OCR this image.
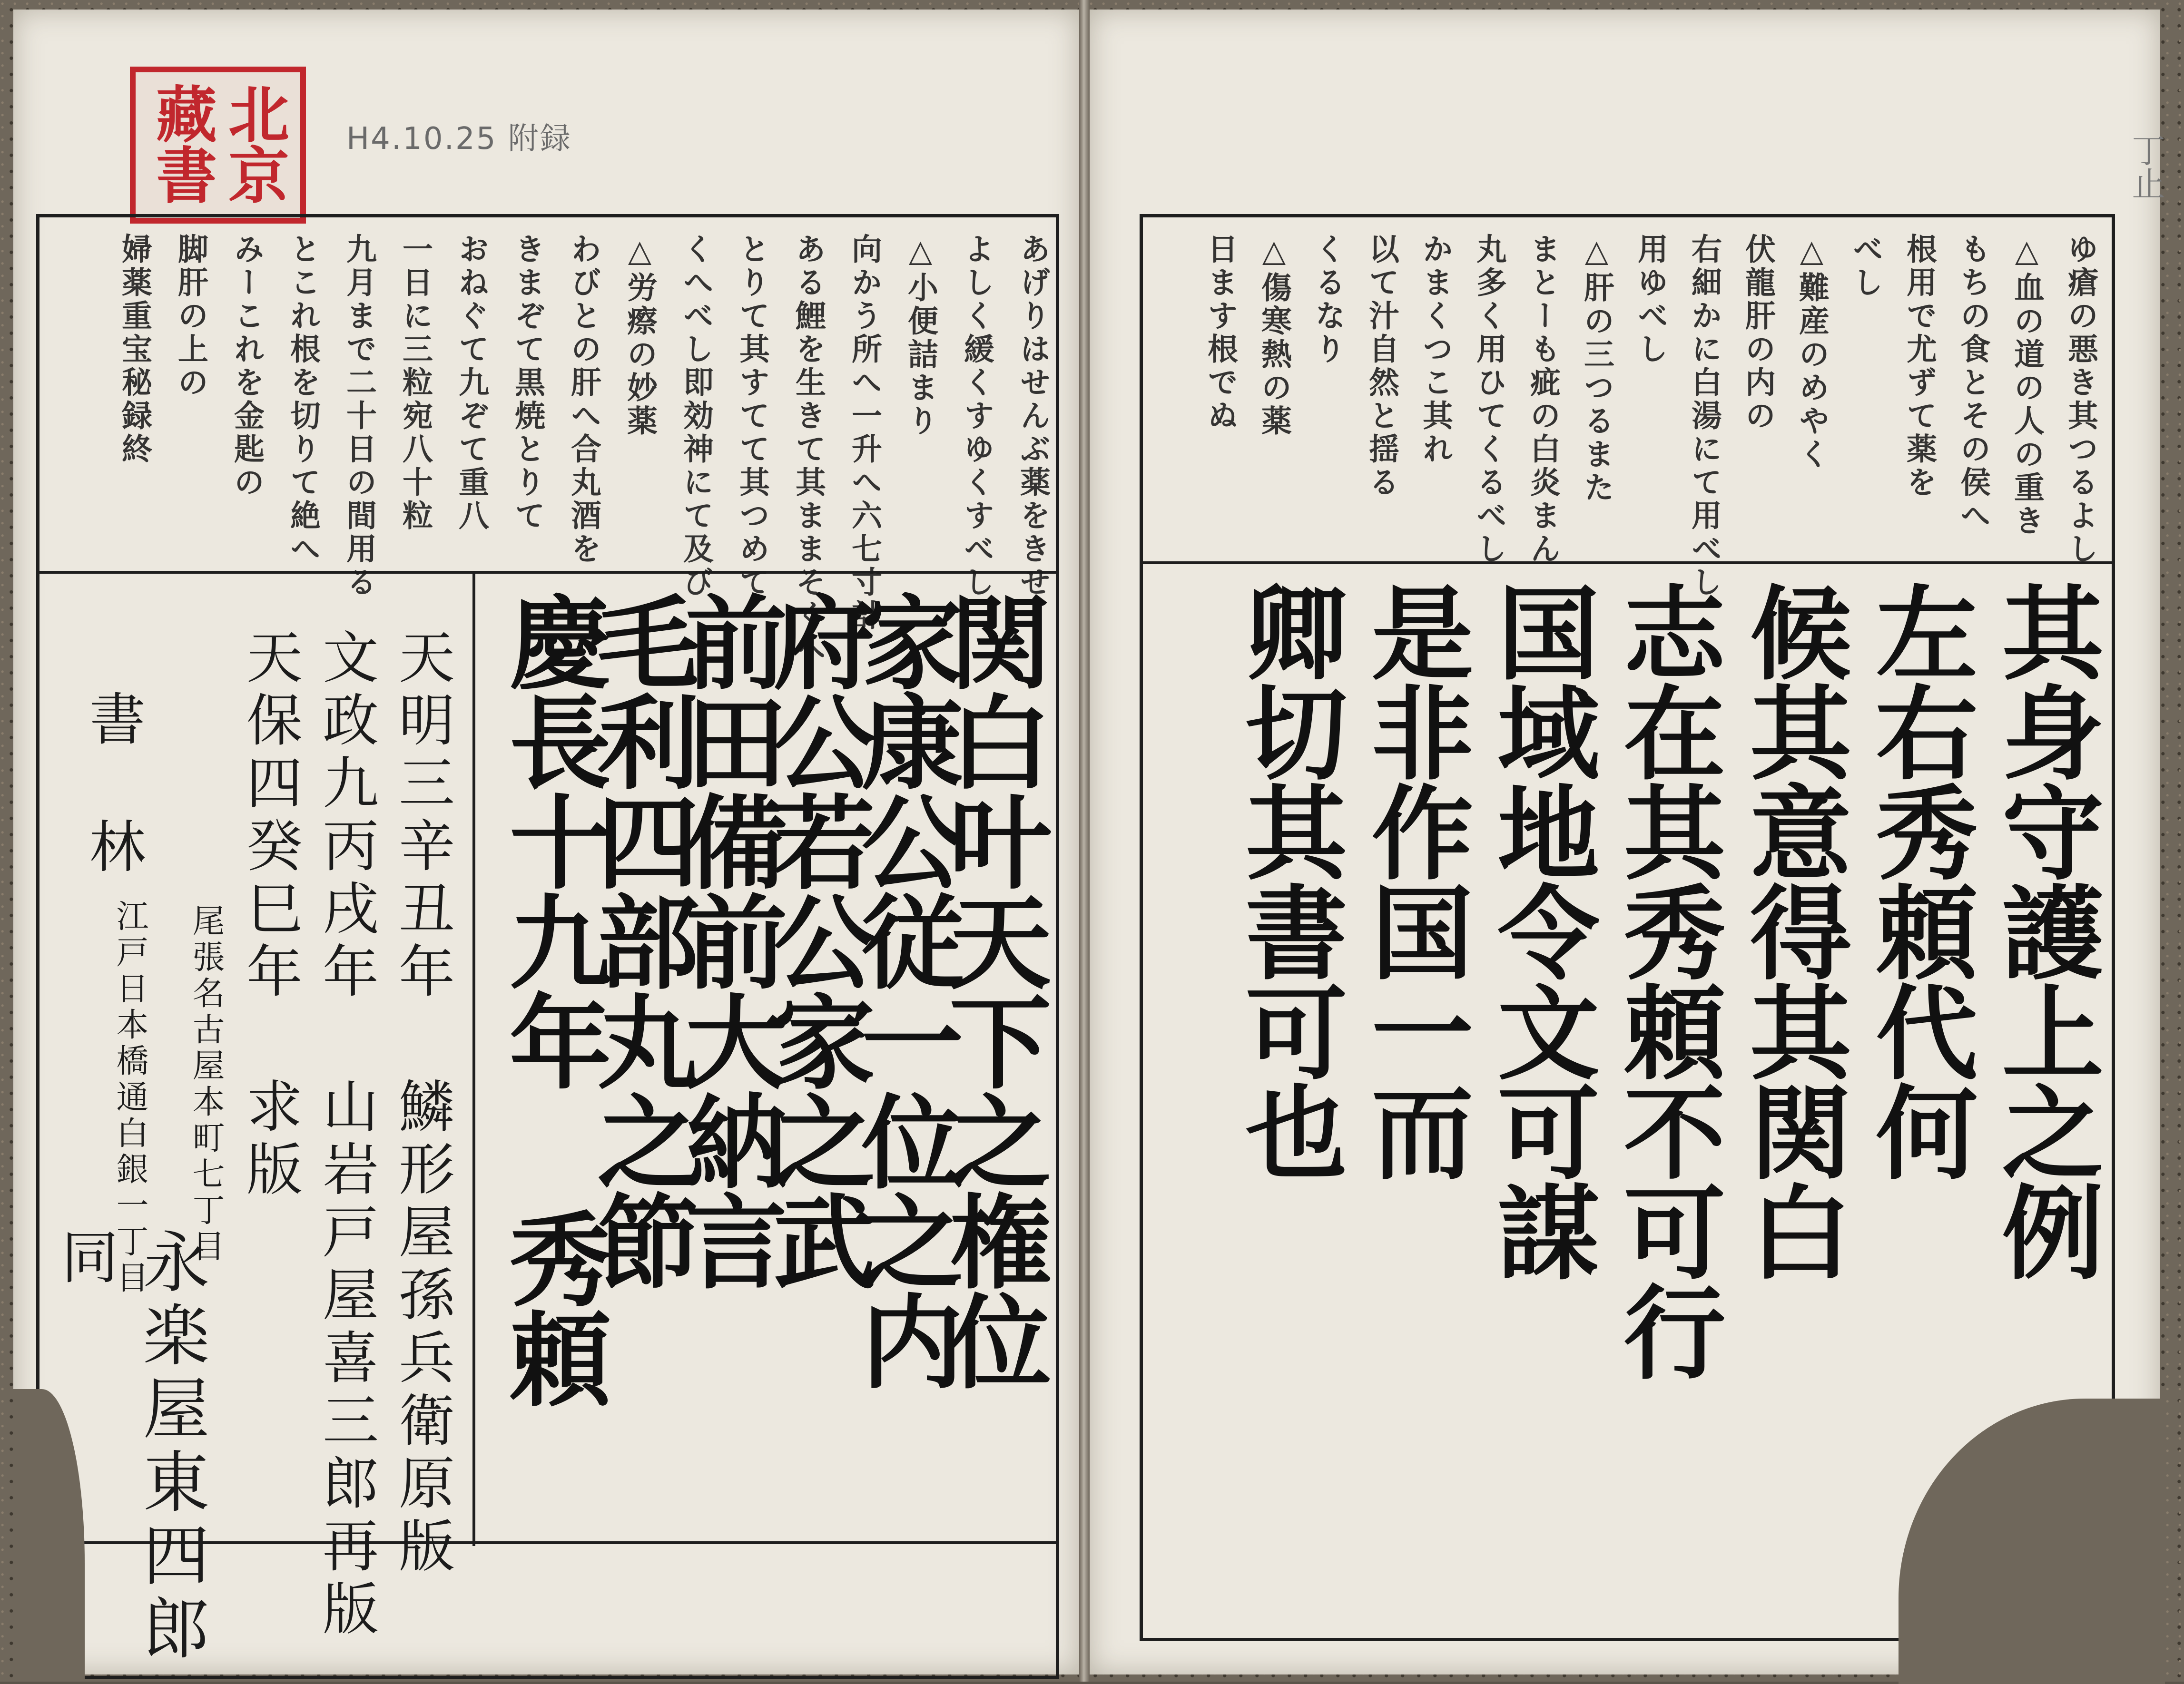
北京
藏書	H4.10.25 附録
あげりはせんぶ薬をきせ
よしく緩くすゆくすべし
△小便詰まり
向かう所へ一升へ六七寸計
ある鯉を生きて其ままそくへ
とりて其すてて其つめて
くへべし即効神にて及び
△労瘵の妙薬
わびとの肝へ合丸酒を
きまぞて黒焼とりて
おねぐて九ぞて重八
一日に三粒宛八十粒
九月まで二十日の間用る
とこれ根を切りて絶へ
みーこれを金匙の
脚肝の上の
婦薬重宝秘録終
関白叶天下之権位
家康公従一位之内
府公若公家之武
前田備前大納言
毛利四部丸之節
慶長十九年 秀頼
天明三辛丑年 鱗形屋孫兵衛原版
文政九丙戌年 山岩戸屋喜三郎再版
天保四癸巳年 求版
書林
尾張名古屋本町七丁目
江戸日本橋通白銀一丁目
永楽屋東四郎
同
ゆ瘡の悪き其つるよし
△血の道の人の重き
もちの食とその侯へ
根用で尤ずて薬を
べし
△難産のめやく
伏龍肝の内の
右細かに白湯にて用べし
用ゆべし
△肝の三つるまた
まとーも疵の白炎まん
丸多く用ひてくるべし
かまくつこ其れ
以て汁自然と揺る
くるなり
△傷寒熱の薬
日ます根でぬ
其身守護上之例
左右秀頼代何
候其意得其関白
志在其秀頼不可行
国域地令文可謀
是非作国一而
卿切其書可也
丁止
